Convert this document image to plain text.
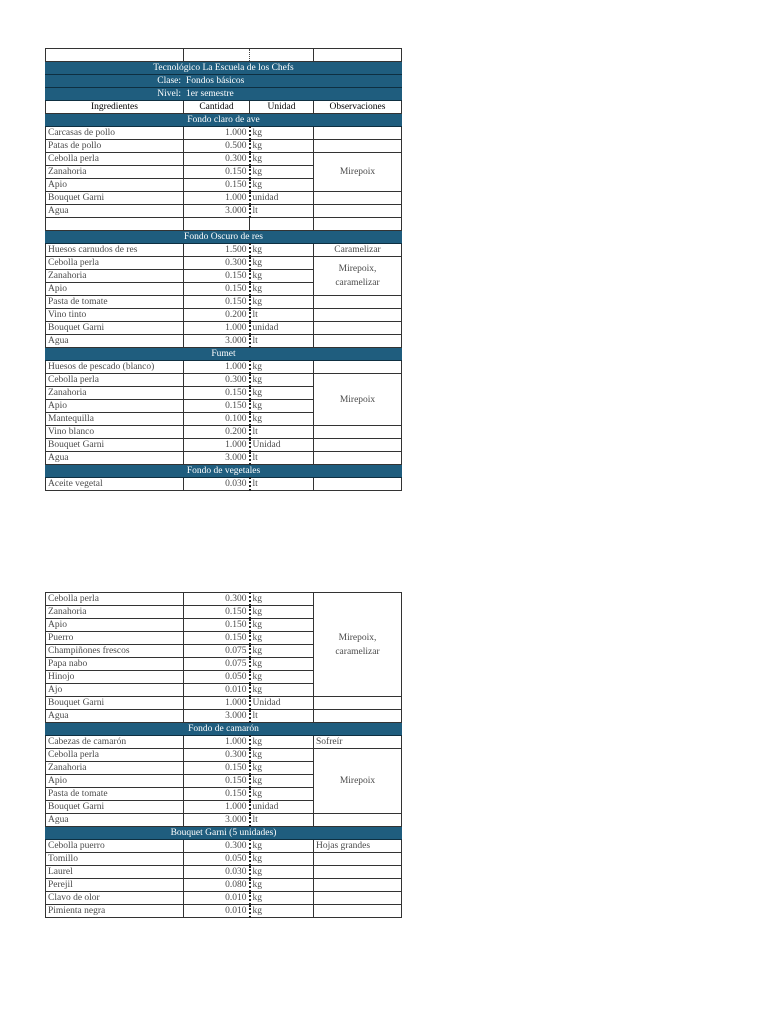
Tecnológico La Escuela de los Chefs			
Clase:	Fondos básicos		
Nivel:	1er semestre		
Ingredientes	Cantidad	Unidad	Observaciones
Fondo claro de ave			
Carcasas de pollo	1.000	kg	
Patas de pollo	0.500	kg	
Cebolla perla	0.300	kg	Mirepoix
Zanahoria	0.150	kg	
Apio	0.150	kg	
Bouquet Garni	1.000	unidad	
Agua	3.000	lt	

Fondo Oscuro de res			
Huesos carnudos de res	1.500	kg	Caramelizar
Cebolla perla	0.300	kg	Mirepoix, caramelizar
Zanahoria	0.150	kg	
Apio	0.150	kg	
Pasta de tomate	0.150	kg	
Vino tinto	0.200	lt	
Bouquet Garni	1.000	unidad	
Agua	3.000	lt	
Fumet			
Huesos de pescado (blanco)	1.000	kg	
Cebolla perla	0.300	kg	Mirepoix
Zanahoria	0.150	kg	
Apio	0.150	kg	
Mantequilla	0.100	kg	
Vino blanco	0.200	lt	
Bouquet Garni	1.000	Unidad	
Agua	3.000	lt	
Fondo de vegetales			
Aceite vegetal	0.030	lt	
Cebolla perla	0.300	kg	Mirepoix, caramelizar
Zanahoria	0.150	kg	
Apio	0.150	kg	
Puerro	0.150	kg	
Champiñones frescos	0.075	kg	
Papa nabo	0.075	kg	
Hinojo	0.050	kg	
Ajo	0.010	kg	
Bouquet Garni	1.000	Unidad	
Agua	3.000	lt	
Fondo de camarón			
Cabezas de camarón	1.000	kg	Sofreír
Cebolla perla	0.300	kg	Mirepoix
Zanahoria	0.150	kg	
Apio	0.150	kg	
Pasta de tomate	0.150	kg	
Bouquet Garni	1.000	unidad	
Agua	3.000	lt	
Bouquet Garni (5 unidades)			
Cebolla puerro	0.300	kg	Hojas grandes
Tomillo	0.050	kg	
Laurel	0.030	kg	
Perejil	0.080	kg	
Clavo de olor	0.010	kg	
Pimienta negra	0.010	kg	
